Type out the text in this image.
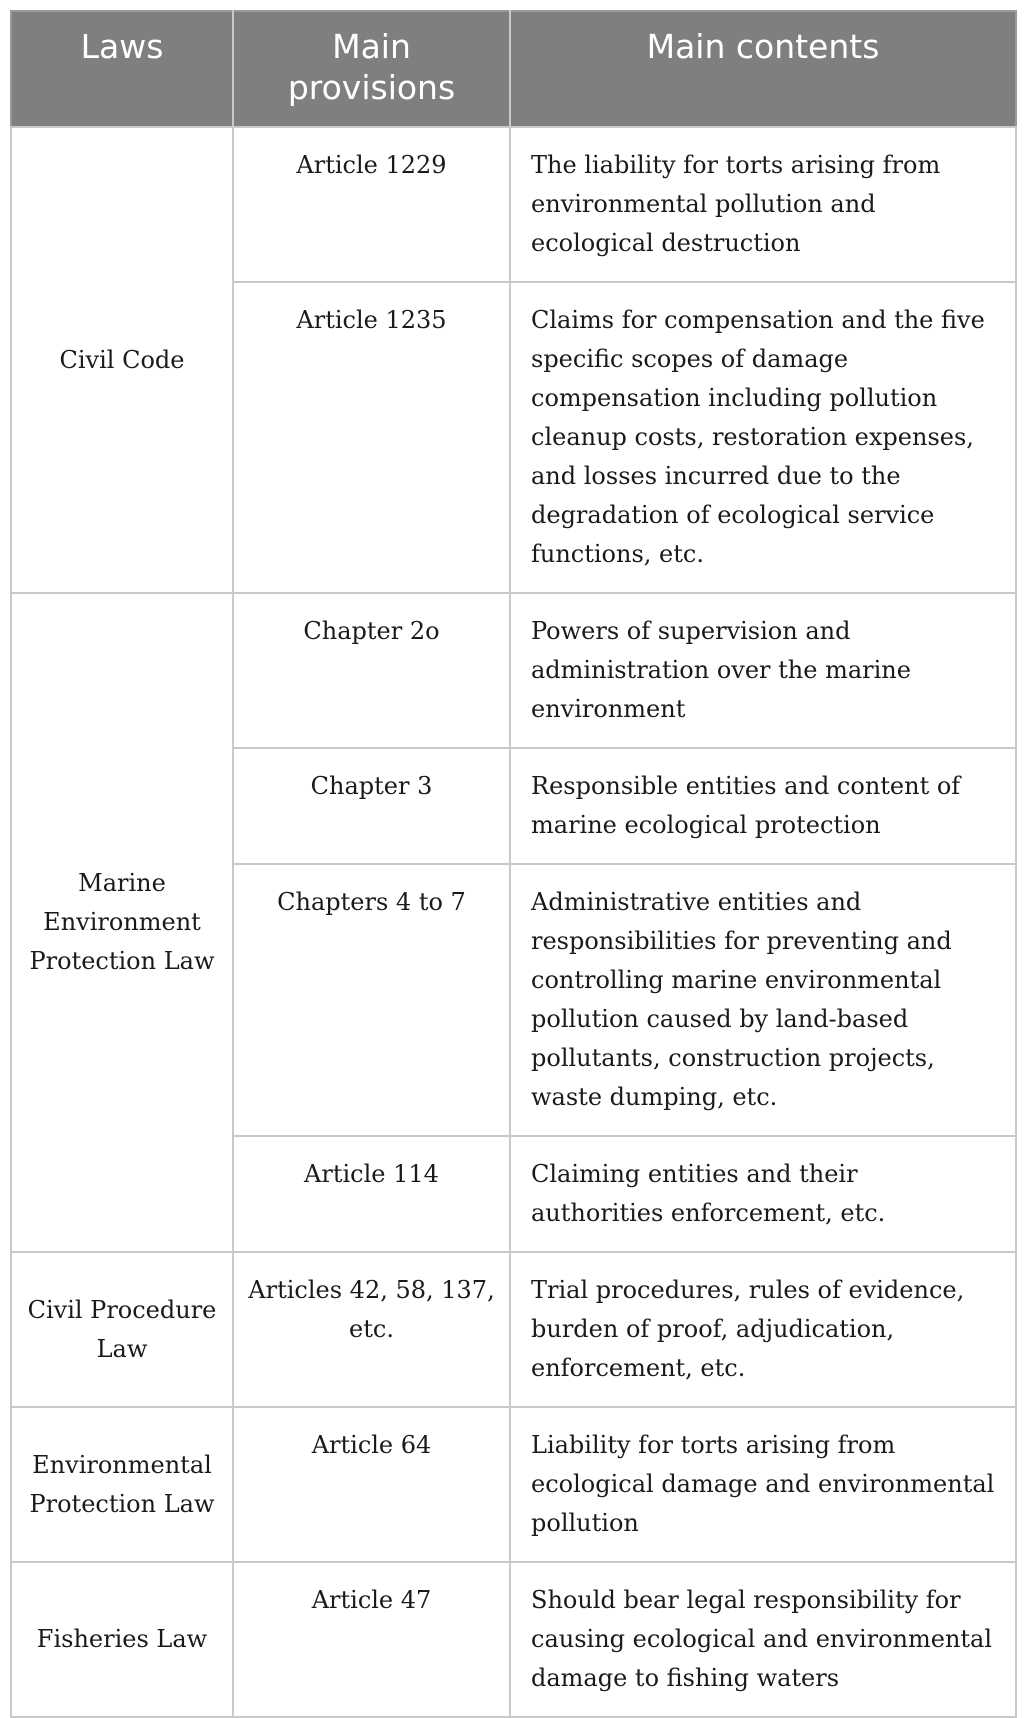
Laws	Main provisions	Main contents
Civil Code	Article 1229	The liability for torts arising from environmental pollution and ecological destruction
	Article 1235	Claims for compensation and the five specific scopes of damage compensation including pollution cleanup costs, restoration expenses, and losses incurred due to the degradation of ecological service functions, etc.
Marine Environment Protection Law	Chapter 2o	Powers of supervision and administration over the marine environment
	Chapter 3	Responsible entities and content of marine ecological protection
	Chapters 4 to 7	Administrative entities and responsibilities for preventing and controlling marine environmental pollution caused by land-based pollutants, construction projects, waste dumping, etc.
	Article 114	Claiming entities and their authorities enforcement, etc.
Civil Procedure Law	Articles 42, 58, 137, etc.	Trial procedures, rules of evidence, burden of proof, adjudication, enforcement, etc.
Environmental Protection Law	Article 64	Liability for torts arising from ecological damage and environmental pollution
Fisheries Law	Article 47	Should bear legal responsibility for causing ecological and environmental damage to fishing waters
